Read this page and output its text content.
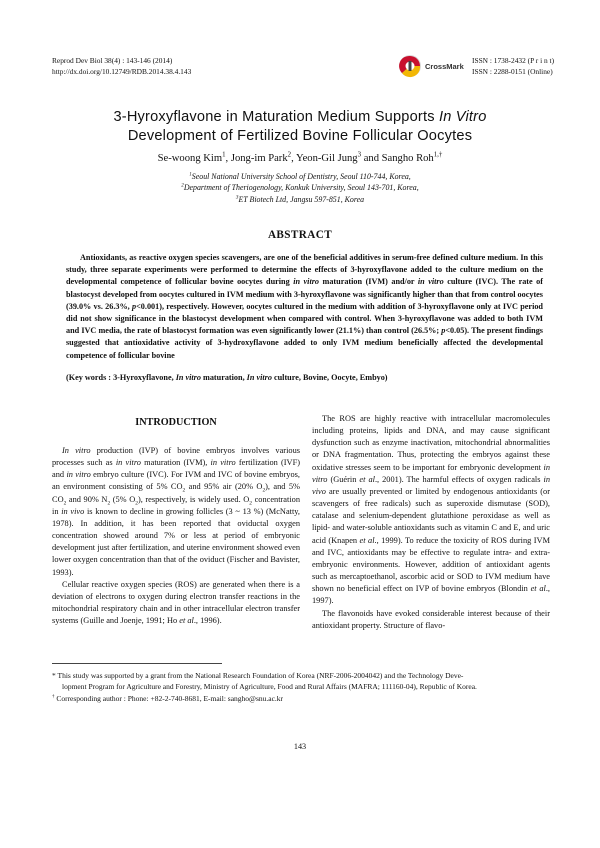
Reprod Dev Biol 38(4) : 143-146 (2014)
http://dx.doi.org/10.12749/RDB.2014.38.4.143
CrossMark
ISSN : 1738-2432 (P r i n t)
ISSN : 2288-0151 (Online)
3-Hyroxyflavone in Maturation Medium Supports In Vitro
Development of Fertilized Bovine Follicular Oocytes
Se-woong Kim$^1$, Jong-im Park$^2$, Yeon-Gil Jung$^3$ and Sangho Roh$^{1,\dagger}$
$^1$Seoul National University School of Dentistry, Seoul 110-744, Korea,
$^2$Department of Theriogenology, Konkuk University, Seoul 143-701, Korea,
$^3$ET Biotech Ltd, Jangsu 597-851, Korea
ABSTRACT
Antioxidants, as reactive oxygen species scavengers, are one of the beneficial additives in serum-free defined culture medium. In this study, three separate experiments were performed to determine the effects of 3-hyroxyflavone added to the culture medium on the developmental competence of follicular bovine oocytes during in vitro maturation (IVM) and/or in vitro culture (IVC). The rate of blastocyst developed from oocytes cultured in IVM medium with 3-hyroxyflavone was significantly higher than that from control oocytes (39.0% vs. 26.3%, p<0.001), respectively. However, oocytes cultured in the medium with addition of 3-hyroxyflavone only at IVC period did not show significance in the blastocyst development when compared with control. When 3-hyroxyflavone was added to both IVM and IVC media, the rate of blastocyst formation was even significantly lower (21.1%) than control (26.5%; p<0.05). The present findings suggested that antioxidative activity of 3-hydroxyflavone added to only IVM medium beneficially affected the developmental competence of follicular bovine
(Key words : 3-Hyroxyflavone, In vitro maturation, In vitro culture, Bovine, Oocyte, Embyo)
INTRODUCTION

In vitro production (IVP) of bovine embryos involves various processes such as in vitro maturation (IVM), in vitro fertilization (IVF) and in vitro embryo culture (IVC). For IVM and IVC of bovine embryos, an environment consisting of 5% $CO_2$ and 95% air (20% $O_2$), and 5% $CO_2$ and 90% $N_2$ (5% $O_2$), respectively, is widely used. $O_2$ concentration in in vivo is known to decline in growing follicles (3 ~ 13 %) (McNatty, 1978). In addition, it has been reported that oviductal oxygen concentration showed around 7% or less at period of embryonic development just after fertilization, and uterine environment showed even lower oxygen concentration than that of the oviduct (Fischer and Bavister, 1993).

Cellular reactive oxygen species (ROS) are generated when there is a deviation of electrons to oxygen during electron transfer reactions in the mitochondrial respiratory chain and in other intracellular electron transfer systems (Guille and Joenje, 1991; Ho et al., 1996).

The ROS are highly reactive with intracellular macromolecules including proteins, lipids and DNA, and may cause significant dysfunction such as enzyme inactivation, mitochondrial abnormalities or DNA fragmentation. Thus, protecting the embryos against these oxidative stresses seem to be important for embryonic development in vitro (Guérin et al., 2001). The harmful effects of oxygen radicals in vivo are usually prevented or limited by endogenous antioxidants (or scavengers of free radicals) such as superoxide dismutase (SOD), catalase and selenium-dependent glutathione peroxidase as well as lipid- and water-soluble antioxidants such as vitamin C and E, and uric acid (Knapen et al., 1999). To reduce the toxicity of ROS during IVM and IVC, antioxidants may be effective to regulate intra- and extra-embryonic environments. However, addition of antioxidant agents such as mercaptoethanol, ascorbic acid or SOD to IVM medium have shown no beneficial effect on IVP of bovine embryos (Blondin et al., 1997).

The flavonoids have evoked considerable interest because of their antioxidant property. Structure of flavo-

* This study was supported by a grant from the National Research Foundation of Korea (NRF-2006-2004042) and the Technology Deve-

lopment Program for Agriculture and Forestry, Ministry of Agriculture, Food and Rural Affairs (MAFRA; 111160-04), Republic of Korea.

† Corresponding author : Phone: +82-2-740-8681, E-mail: sangho@snu.ac.kr

143
